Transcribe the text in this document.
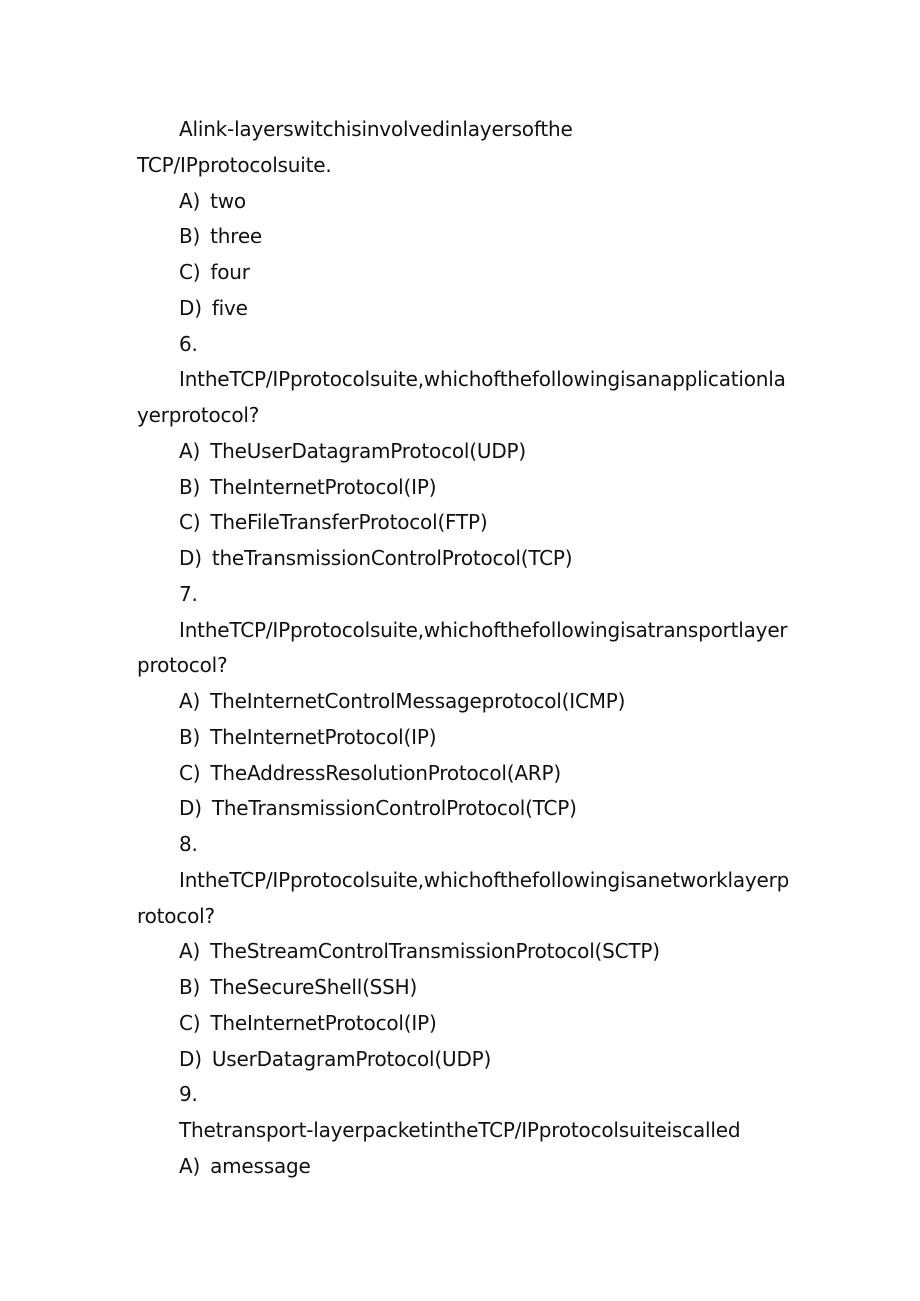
Alink-layerswitchisinvolvedinlayersofthe
TCP/IPprotocolsuite.
A) two
B) three
C) four
D) five
6.
IntheTCP/IPprotocolsuite,whichofthefollowingisanapplicationla
yerprotocol?
A) TheUserDatagramProtocol(UDP)
B) TheInternetProtocol(IP)
C) TheFileTransferProtocol(FTP)
D) theTransmissionControlProtocol(TCP)
7.
IntheTCP/IPprotocolsuite,whichofthefollowingisatransportlayer
protocol?
A) TheInternetControlMessageprotocol(ICMP)
B) TheInternetProtocol(IP)
C) TheAddressResolutionProtocol(ARP)
D) TheTransmissionControlProtocol(TCP)
8.
IntheTCP/IPprotocolsuite,whichofthefollowingisanetworklayerp
rotocol?
A) TheStreamControlTransmissionProtocol(SCTP)
B) TheSecureShell(SSH)
C) TheInternetProtocol(IP)
D) UserDatagramProtocol(UDP)
9.
Thetransport-layerpacketintheTCP/IPprotocolsuiteiscalled
A) amessage
